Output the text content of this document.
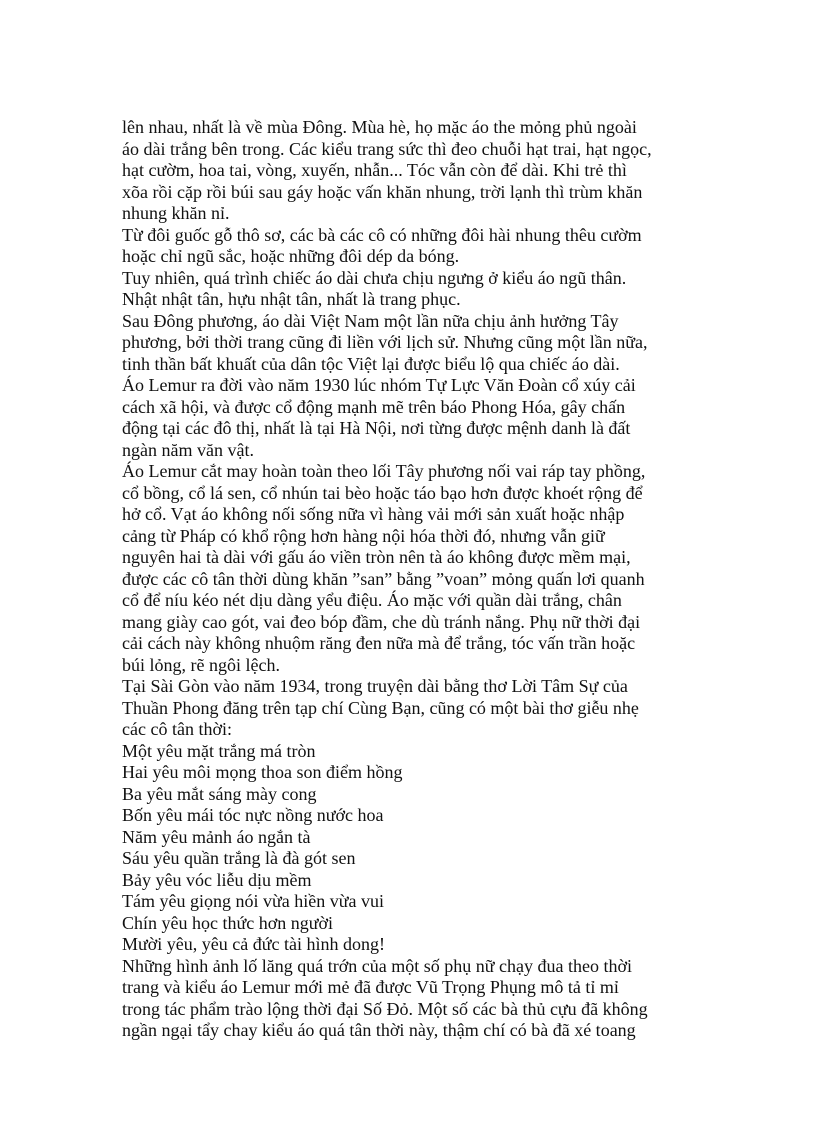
lên nhau, nhất là về mùa Đông. Mùa hè, họ mặc áo the mỏng phủ ngoài
áo dài trắng bên trong. Các kiểu trang sức thì đeo chuỗi hạt trai, hạt ngọc,
hạt cườm, hoa tai, vòng, xuyến, nhẫn... Tóc vẫn còn để dài. Khi trẻ thì
xõa rồi cặp rồi búi sau gáy hoặc vấn khăn nhung, trời lạnh thì trùm khăn
nhung khăn nỉ.
Từ đôi guốc gỗ thô sơ, các bà các cô có những đôi hài nhung thêu cườm
hoặc chỉ ngũ sắc, hoặc những đôi dép da bóng.
Tuy nhiên, quá trình chiếc áo dài chưa chịu ngưng ở kiểu áo ngũ thân.
Nhật nhật tân, hựu nhật tân, nhất là trang phục.
Sau Đông phương, áo dài Việt Nam một lần nữa chịu ảnh hưởng Tây
phương, bởi thời trang cũng đi liền với lịch sử. Nhưng cũng một lần nữa,
tinh thần bất khuất của dân tộc Việt lại được biểu lộ qua chiếc áo dài.
Áo Lemur ra đời vào năm 1930 lúc nhóm Tự Lực Văn Đoàn cổ xúy cải
cách xã hội, và được cổ động mạnh mẽ trên báo Phong Hóa, gây chấn
động tại các đô thị, nhất là tại Hà Nội, nơi từng được mệnh danh là đất
ngàn năm văn vật.
Áo Lemur cắt may hoàn toàn theo lối Tây phương nối vai ráp tay phồng,
cổ bồng, cổ lá sen, cổ nhún tai bèo hoặc táo bạo hơn được khoét rộng để
hở cổ. Vạt áo không nối sống nữa vì hàng vải mới sản xuất hoặc nhập
cảng từ Pháp có khổ rộng hơn hàng nội hóa thời đó, nhưng vẫn giữ
nguyên hai tà dài với gấu áo viền tròn nên tà áo không được mềm mại,
được các cô tân thời dùng khăn ”san” bằng ”voan” mỏng quấn lơi quanh
cổ để níu kéo nét dịu dàng yểu điệu. Áo mặc với quần dài trắng, chân
mang giày cao gót, vai đeo bóp đầm, che dù tránh nắng. Phụ nữ thời đại
cải cách này không nhuộm răng đen nữa mà để trắng, tóc vấn trần hoặc
búi lỏng, rẽ ngôi lệch.
Tại Sài Gòn vào năm 1934, trong truyện dài bằng thơ Lời Tâm Sự của
Thuần Phong đăng trên tạp chí Cùng Bạn, cũng có một bài thơ giễu nhẹ
các cô tân thời:
Một yêu mặt trắng má tròn
Hai yêu môi mọng thoa son điểm hồng
Ba yêu mắt sáng mày cong
Bốn yêu mái tóc nực nồng nước hoa
Năm yêu mảnh áo ngắn tà
Sáu yêu quần trắng là đà gót sen
Bảy yêu vóc liễu dịu mềm
Tám yêu giọng nói vừa hiền vừa vui
Chín yêu học thức hơn người
Mười yêu, yêu cả đức tài hình dong!
Những hình ảnh lố lăng quá trớn của một số phụ nữ chạy đua theo thời
trang và kiểu áo Lemur mới mẻ đã được Vũ Trọng Phụng mô tả tỉ mỉ
trong tác phẩm trào lộng thời đại Số Đỏ. Một số các bà thủ cựu đã không
ngần ngại tẩy chay kiểu áo quá tân thời này, thậm chí có bà đã xé toang
